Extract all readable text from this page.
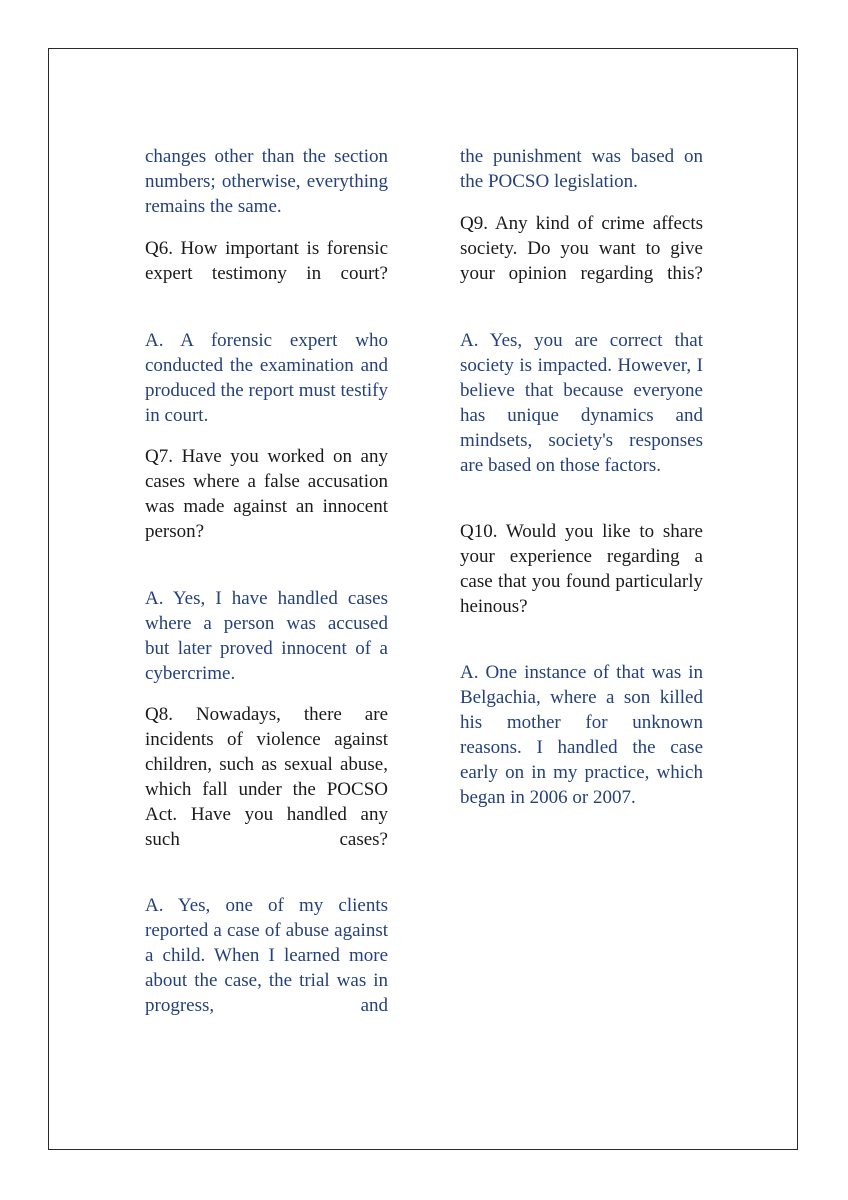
changes other than the section numbers; otherwise, everything remains the same.

Q6. How important is forensic expert testimony in court?

A. A forensic expert who conducted the examination and produced the report must testify in court.

Q7. Have you worked on any cases where a false accusation was made against an innocent person?

A. Yes, I have handled cases where a person was accused but later proved innocent of a cybercrime.

Q8. Nowadays, there are incidents of violence against children, such as sexual abuse, which fall under the POCSO Act. Have you handled any such cases?

A. Yes, one of my clients reported a case of abuse against a child. When I learned more about the case, the trial was in progress, and

the punishment was based on the POCSO legislation.

Q9. Any kind of crime affects society. Do you want to give your opinion regarding this?

A. Yes, you are correct that society is impacted. However, I believe that because everyone has unique dynamics and mindsets, society's responses are based on those factors.

Q10. Would you like to share your experience regarding a case that you found particularly heinous?

A. One instance of that was in Belgachia, where a son killed his mother for unknown reasons. I handled the case early on in my practice, which began in 2006 or 2007.
